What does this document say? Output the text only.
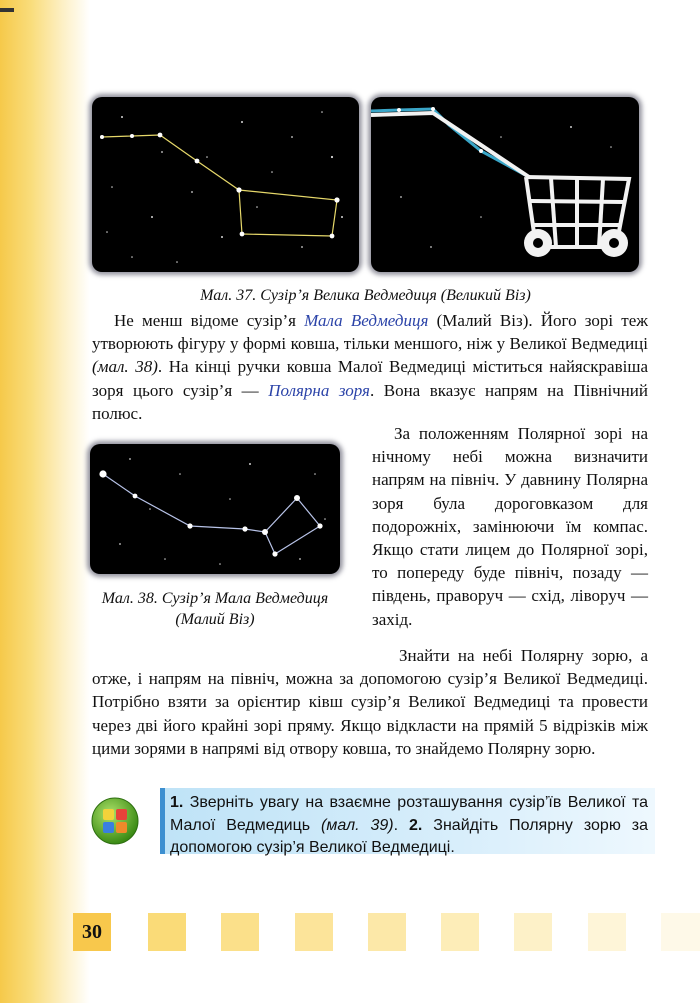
Мал. 37. Сузір’я Велика Ведмедиця (Великий Віз)

Не менш відоме сузір’я Мала Ведмедиця (Малий Віз). Його зорі теж утворюють фігуру у формі ковша, тільки меншого, ніж у Великої Ведмедиці (мал. 38). На кінці ручки ковша Малої Ведмедиці міститься найяскравіша зоря цього сузір’я — Полярна зоря. Вона вказує напрям на Північний полюс.

Мал. 38. Сузір’я Мала Ведмедиця (Малий Віз)

За положенням Полярної зорі на нічному небі можна визначити напрям на північ. У давнину Полярна зоря була дороговказом для подорожніх, замінюючи їм компас. Якщо стати лицем до Полярної зорі, то попереду буде північ, позаду — південь, праворуч — схід, ліворуч — захід.

Знайти на небі Полярну зорю, а отже, і напрям на північ, можна за допомогою сузір’я Великої Ведмедиці. Потрібно взяти за орієнтир ківш сузір’я Великої Ведмедиці та провести через дві його крайні зорі пряму. Якщо відкласти на прямій 5 відрізків між цими зорями в напрямі від отвору ковша, то знайдемо Полярну зорю.

1. Зверніть увагу на взаємне розташування сузір’їв Великої та Малої Ведмедиць (мал. 39). 2. Знайдіть Полярну зорю за допомогою сузір’я Великої Ведмедиці.

30
